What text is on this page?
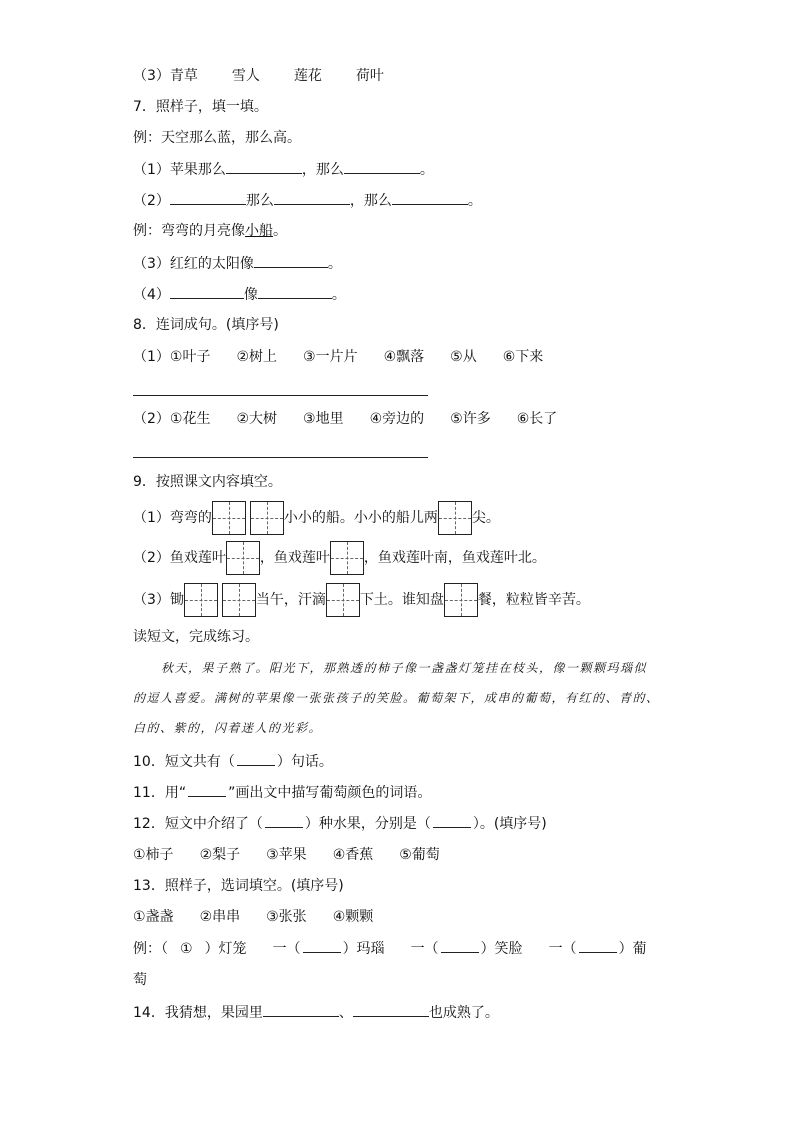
（3）青草 雪人 莲花 荷叶
7．照样子，填一填。
例：天空那么蓝，那么高。
（1）苹果那么	，那么	。
（2）	那么	，那么	。
例：弯弯的月亮像小船。
（3）红红的太阳像	。
（4）	像	。
8．连词成句。(填序号)
（1）①叶子 ②树上 ③一片片 ④飘落 ⑤从 ⑥下来
（2）①花生 ②大树 ③地里 ④旁边的 ⑤许多 ⑥长了
9．按照课文内容填空。
（1）弯弯的	小小的船。小小的船儿两 尖。
（2）鱼戏莲叶 ，鱼戏莲叶 ，鱼戏莲叶南，鱼戏莲叶北。
（3）锄	当午，汗滴 下土。谁知盘 餐，粒粒皆辛苦。
读短文，完成练习。
秋天，果子熟了。阳光下，那熟透的柿子像一盏盏灯笼挂在枝头，像一颗颗玛瑙似
的逗人喜爱。满树的苹果像一张张孩子的笑脸。葡萄架下，成串的葡萄，有红的、青的、
白的、紫的，闪着迷人的光彩。
10．短文共有（	）句话。
11．用“	”画出文中描写葡萄颜色的词语。
12．短文中介绍了（	）种水果，分别是（	）。(填序号)
①柿子 ②梨子 ③苹果 ④香蕉 ⑤葡萄
13．照样子，选词填空。(填序号)
①盏盏 ②串串 ③张张 ④颗颗
例：（ ① ）灯笼 一（	）玛瑙 一（	）笑脸 一（	）葡
萄
14．我猜想，果园里	、	也成熟了。
